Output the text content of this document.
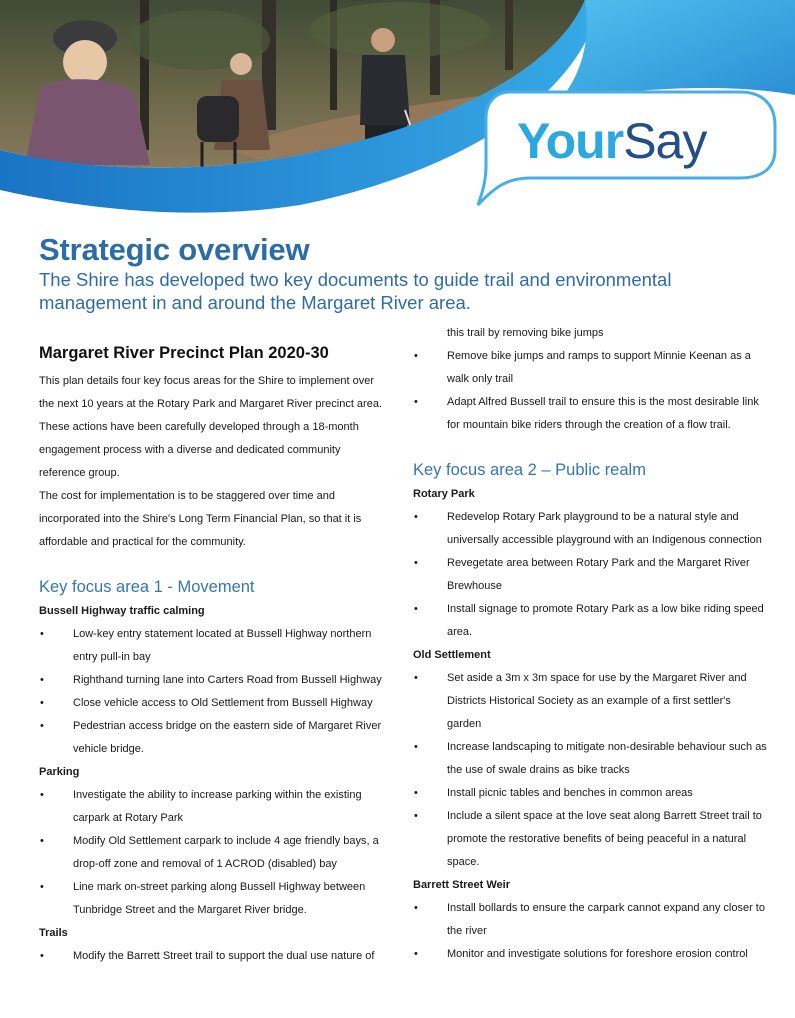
YourSay
Strategic overview

The Shire has developed two key documents to guide trail and environmental management in and around the Margaret River area.

Margaret River Precinct Plan 2020-30

This plan details four key focus areas for the Shire to implement over the next 10 years at the Rotary Park and Margaret River precinct area. These actions have been carefully developed through a 18-month engagement process with a diverse and dedicated community reference group.

The cost for implementation is to be staggered over time and incorporated into the Shire's Long Term Financial Plan, so that it is affordable and practical for the community.

Key focus area 1 - Movement

Bussell Highway traffic calming

•	Low-key entry statement located at Bussell Highway northern entry pull-in bay
•	Righthand turning lane into Carters Road from Bussell Highway
•	Close vehicle access to Old Settlement from Bussell Highway
•	Pedestrian access bridge on the eastern side of Margaret River vehicle bridge.

Parking

•	Investigate the ability to increase parking within the existing carpark at Rotary Park
•	Modify Old Settlement carpark to include 4 age friendly bays, a drop-off zone and removal of 1 ACROD (disabled) bay
•	Line mark on-street parking along Bussell Highway between Tunbridge Street and the Margaret River bridge.

Trails

•	Modify the Barrett Street trail to support the dual use nature of

this trail by removing bike jumps

•	Remove bike jumps and ramps to support Minnie Keenan as a walk only trail
•	Adapt Alfred Bussell trail to ensure this is the most desirable link for mountain bike riders through the creation of a flow trail.
Key focus area 2 – Public realm

Rotary Park

•	Redevelop Rotary Park playground to be a natural style and universally accessible playground with an Indigenous connection
•	Revegetate area between Rotary Park and the Margaret River Brewhouse
•	Install signage to promote Rotary Park as a low bike riding speed area.

Old Settlement

•	Set aside a 3m x 3m space for use by the Margaret River and Districts Historical Society as an example of a first settler's garden
•	Increase landscaping to mitigate non-desirable behaviour such as the use of swale drains as bike tracks
•	Install picnic tables and benches in common areas
•	Include a silent space at the love seat along Barrett Street trail to promote the restorative benefits of being peaceful in a natural space.

Barrett Street Weir

•	Install bollards to ensure the carpark cannot expand any closer to the river
•	Monitor and investigate solutions for foreshore erosion control
